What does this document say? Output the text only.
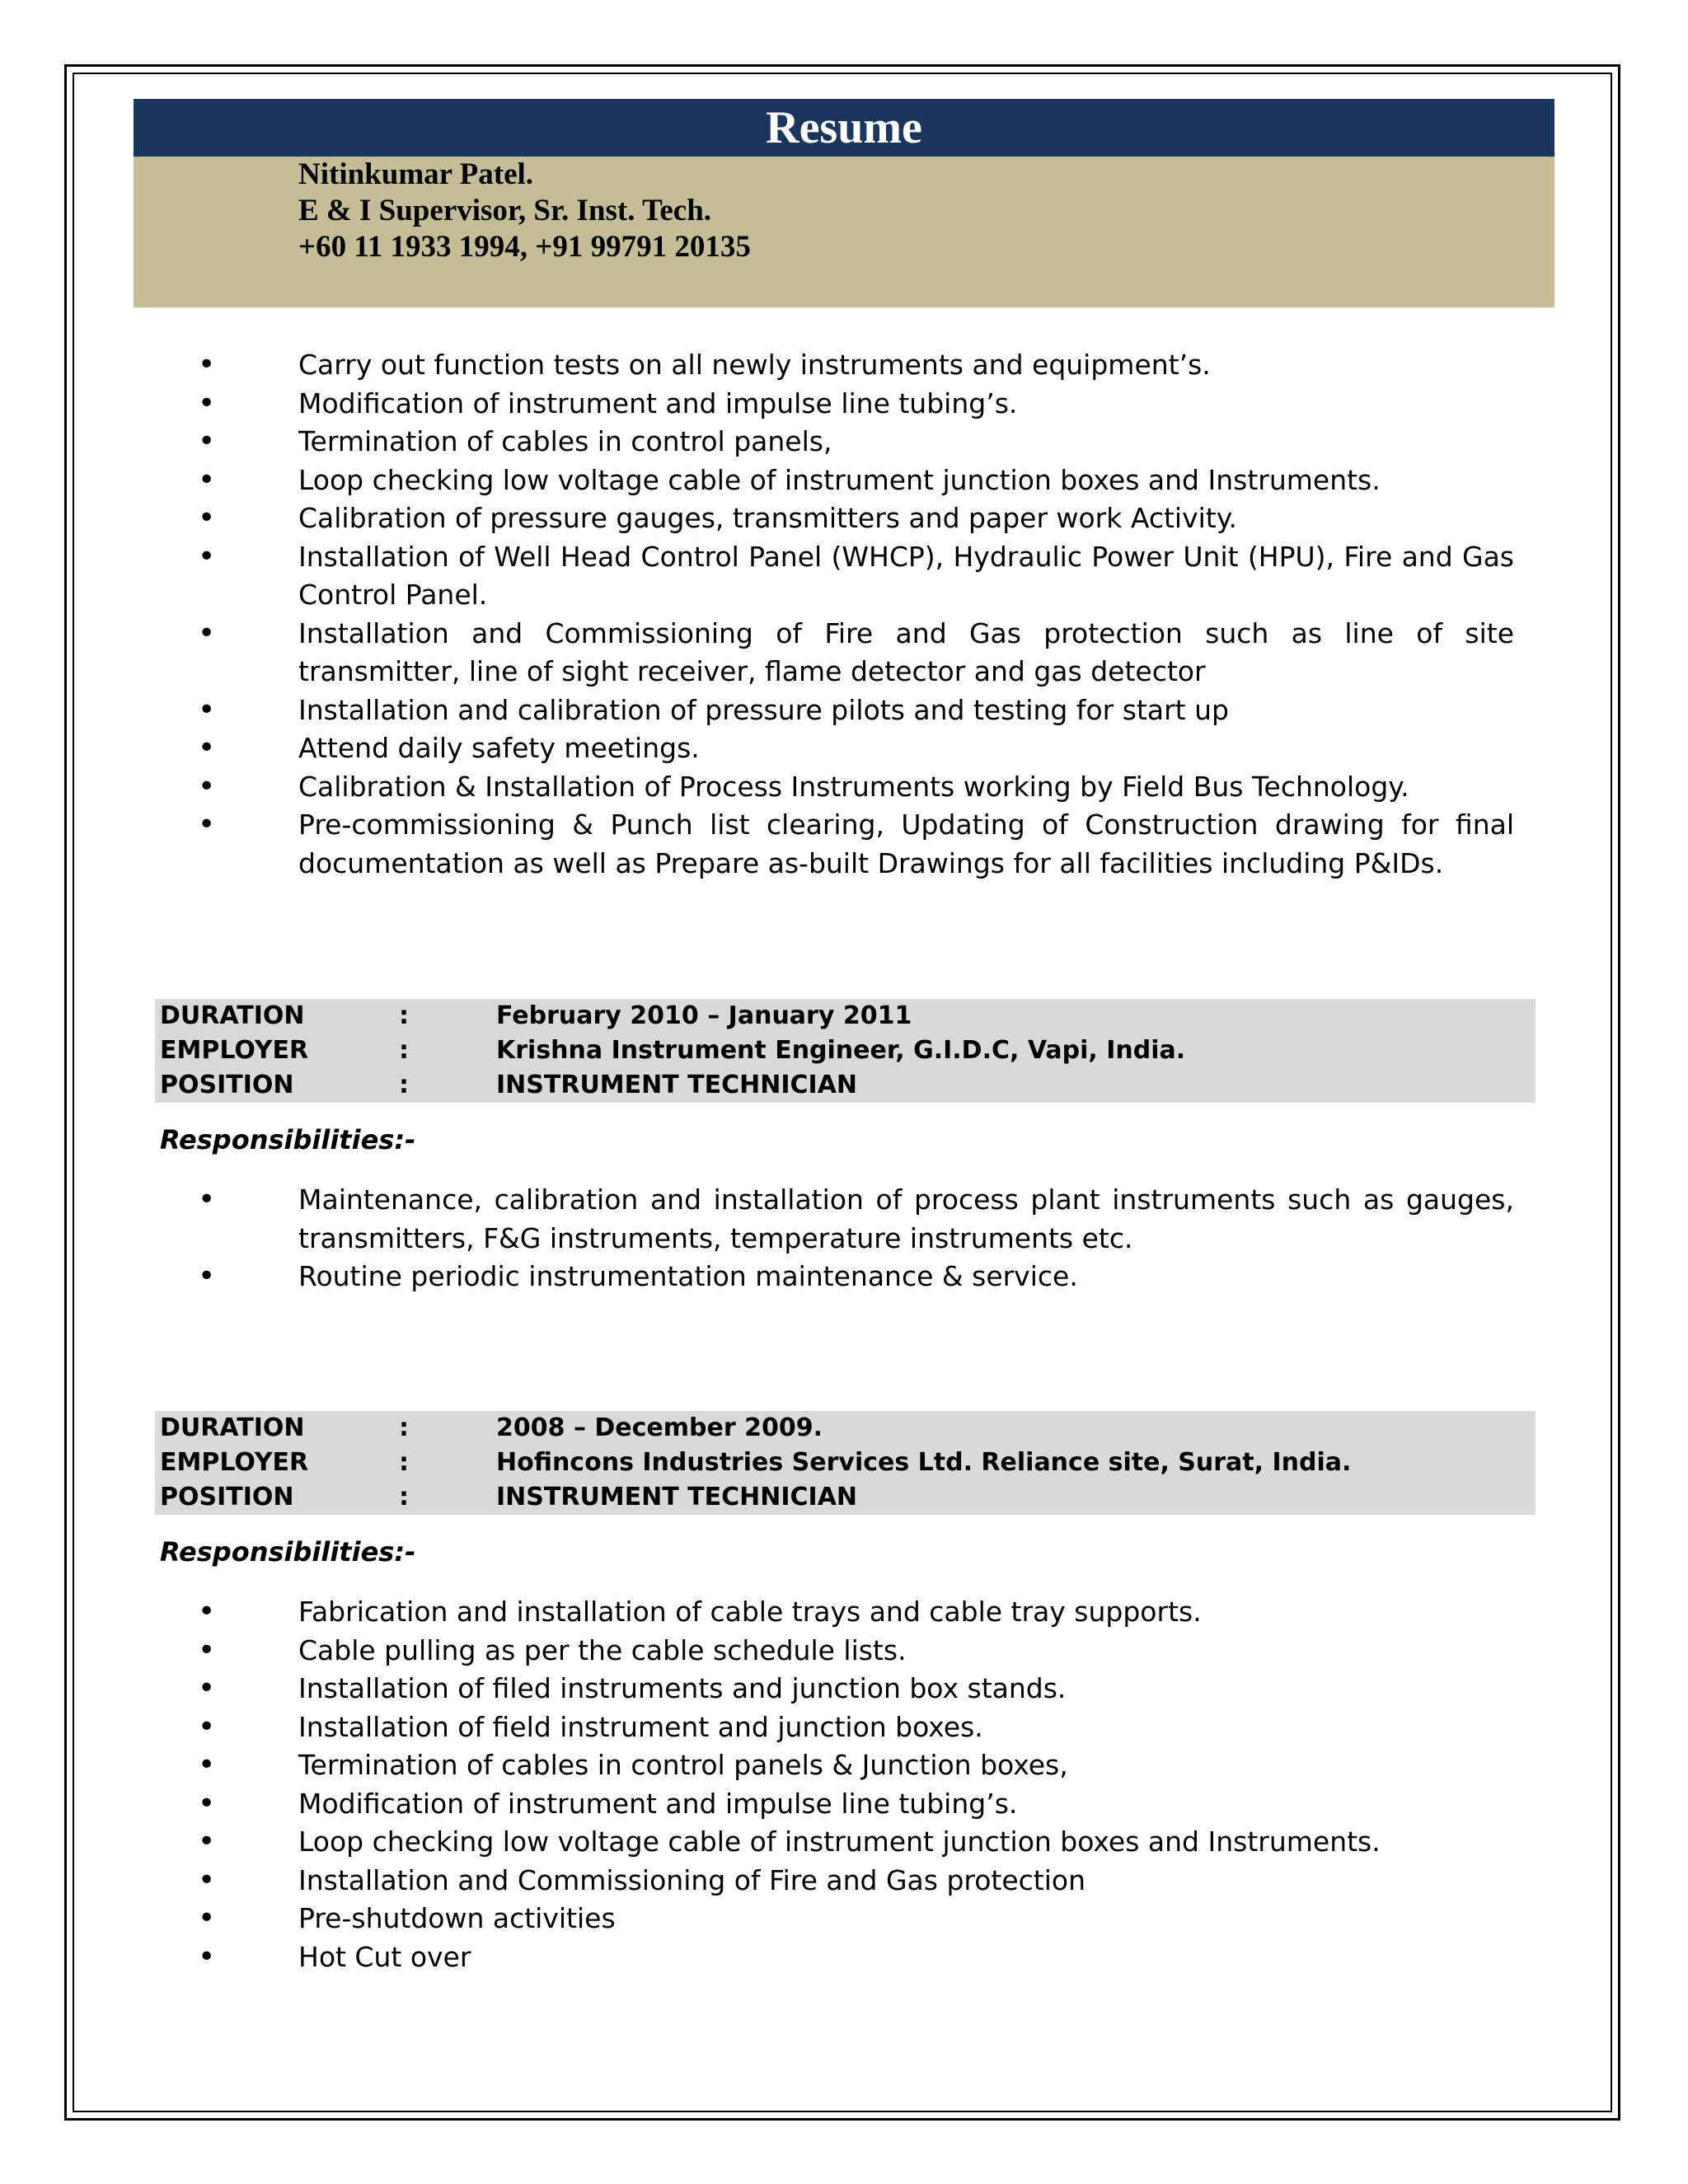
Resume
Nitinkumar Patel.
E & I Supervisor, Sr. Inst. Tech.
+60 11 1933 1994, +91 99791 20135
• Carry out function tests on all newly instruments and equipment’s.
• Modification of instrument and impulse line tubing’s.
• Termination of cables in control panels,
• Loop checking low voltage cable of instrument junction boxes and Instruments.
• Calibration of pressure gauges, transmitters and paper work Activity.
• Installation of Well Head Control Panel (WHCP), Hydraulic Power Unit (HPU), Fire and Gas Control Panel.
• Installation and Commissioning of Fire and Gas protection such as line of site transmitter, line of sight receiver, flame detector and gas detector
• Installation and calibration of pressure pilots and testing for start up
• Attend daily safety meetings.
• Calibration & Installation of Process Instruments working by Field Bus Technology.
• Pre-commissioning & Punch list clearing, Updating of Construction drawing for final documentation as well as Prepare as-built Drawings for all facilities including P&IDs.
DURATION	:	February 2010 – January 2011
EMPLOYER	:	Krishna Instrument Engineer, G.I.D.C, Vapi, India.
POSITION	:	INSTRUMENT TECHNICIAN
Responsibilities:-
• Maintenance, calibration and installation of process plant instruments such as gauges, transmitters, F&G instruments, temperature instruments etc.
• Routine periodic instrumentation maintenance & service.
DURATION	:	2008 – December 2009.
EMPLOYER	:	Hofincons Industries Services Ltd. Reliance site, Surat, India.
POSITION	:	INSTRUMENT TECHNICIAN
Responsibilities:-
• Fabrication and installation of cable trays and cable tray supports.
• Cable pulling as per the cable schedule lists.
• Installation of filed instruments and junction box stands.
• Installation of field instrument and junction boxes.
• Termination of cables in control panels & Junction boxes,
• Modification of instrument and impulse line tubing’s.
• Loop checking low voltage cable of instrument junction boxes and Instruments.
• Installation and Commissioning of Fire and Gas protection
• Pre-shutdown activities
• Hot Cut over
